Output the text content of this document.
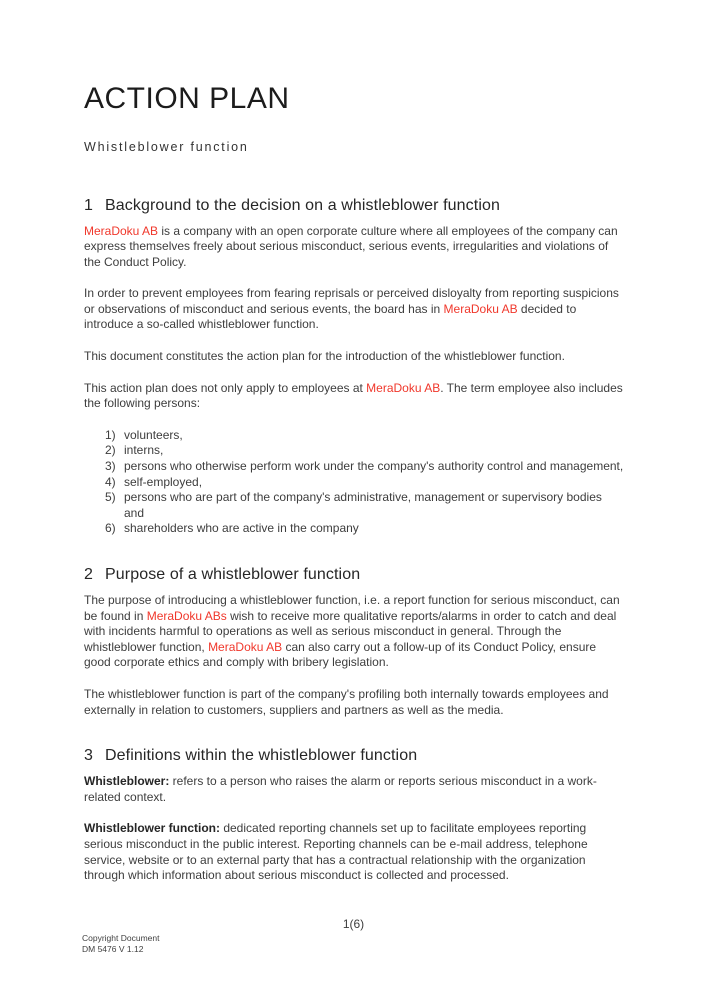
ACTION PLAN
Whistleblower function
1 Background to the decision on a whistleblower function

MeraDoku AB is a company with an open corporate culture where all employees of the company can express themselves freely about serious misconduct, serious events, irregularities and violations of the Conduct Policy.

In order to prevent employees from fearing reprisals or perceived disloyalty from reporting suspicions or observations of misconduct and serious events, the board has in MeraDoku AB decided to introduce a so-called whistleblower function.

This document constitutes the action plan for the introduction of the whistleblower function.

This action plan does not only apply to employees at MeraDoku AB. The term employee also includes the following persons:

1) volunteers,
2) interns,
3) persons who otherwise perform work under the company's authority control and management,
4) self-employed,
5) persons who are part of the company's administrative, management or supervisory bodies and
6) shareholders who are active in the company
2 Purpose of a whistleblower function

The purpose of introducing a whistleblower function, i.e. a report function for serious misconduct, can be found in MeraDoku ABs wish to receive more qualitative reports/alarms in order to catch and deal with incidents harmful to operations as well as serious misconduct in general. Through the whistleblower function, MeraDoku AB can also carry out a follow-up of its Conduct Policy, ensure good corporate ethics and comply with bribery legislation.

The whistleblower function is part of the company's profiling both internally towards employees and externally in relation to customers, suppliers and partners as well as the media.

3 Definitions within the whistleblower function

Whistleblower: refers to a person who raises the alarm or reports serious misconduct in a work-related context.

Whistleblower function: dedicated reporting channels set up to facilitate employees reporting serious misconduct in the public interest. Reporting channels can be e-mail address, telephone service, website or to an external party that has a contractual relationship with the organization through which information about serious misconduct is collected and processed.

1(6)
Copyright Document
DM 5476 V 1.12
